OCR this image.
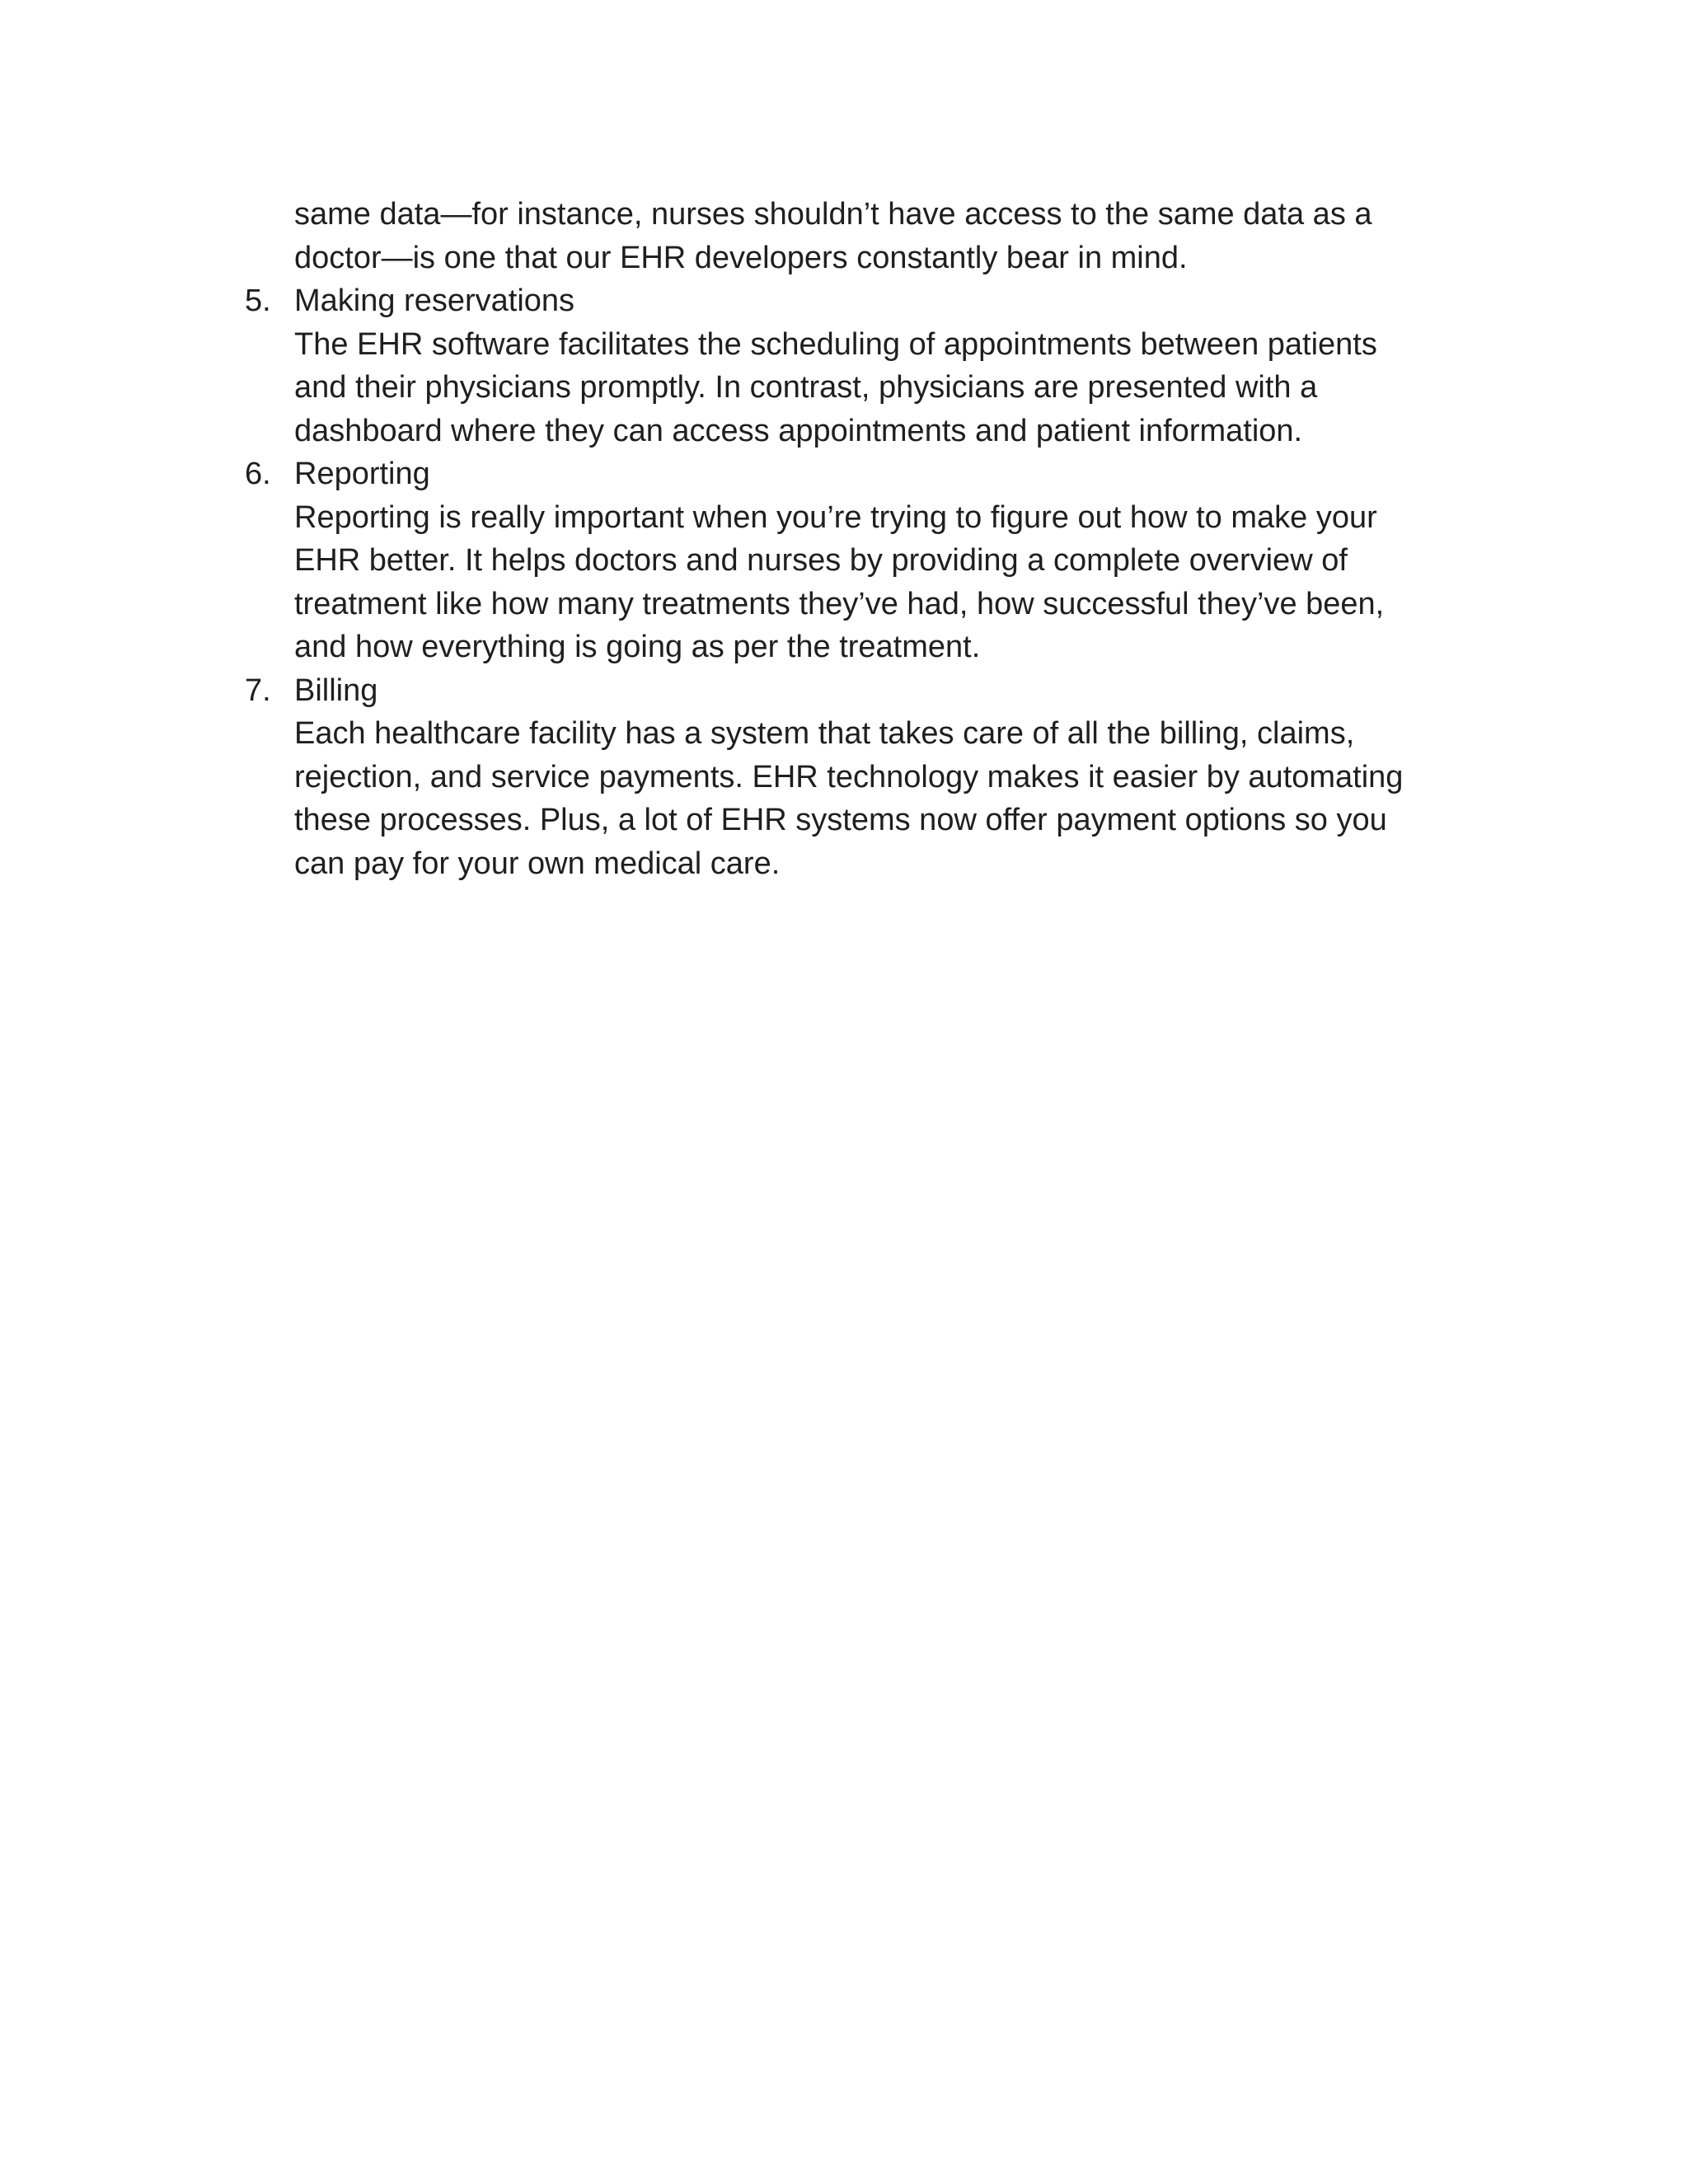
same data—for instance, nurses shouldn’t have access to the same data as a
doctor—is one that our EHR developers constantly bear in mind.
5. Making reservations
The EHR software facilitates the scheduling of appointments between patients
and their physicians promptly. In contrast, physicians are presented with a
dashboard where they can access appointments and patient information.
6. Reporting
Reporting is really important when you’re trying to figure out how to make your
EHR better. It helps doctors and nurses by providing a complete overview of
treatment like how many treatments they’ve had, how successful they’ve been,
and how everything is going as per the treatment.
7. Billing
Each healthcare facility has a system that takes care of all the billing, claims,
rejection, and service payments. EHR technology makes it easier by automating
these processes. Plus, a lot of EHR systems now offer payment options so you
can pay for your own medical care.
